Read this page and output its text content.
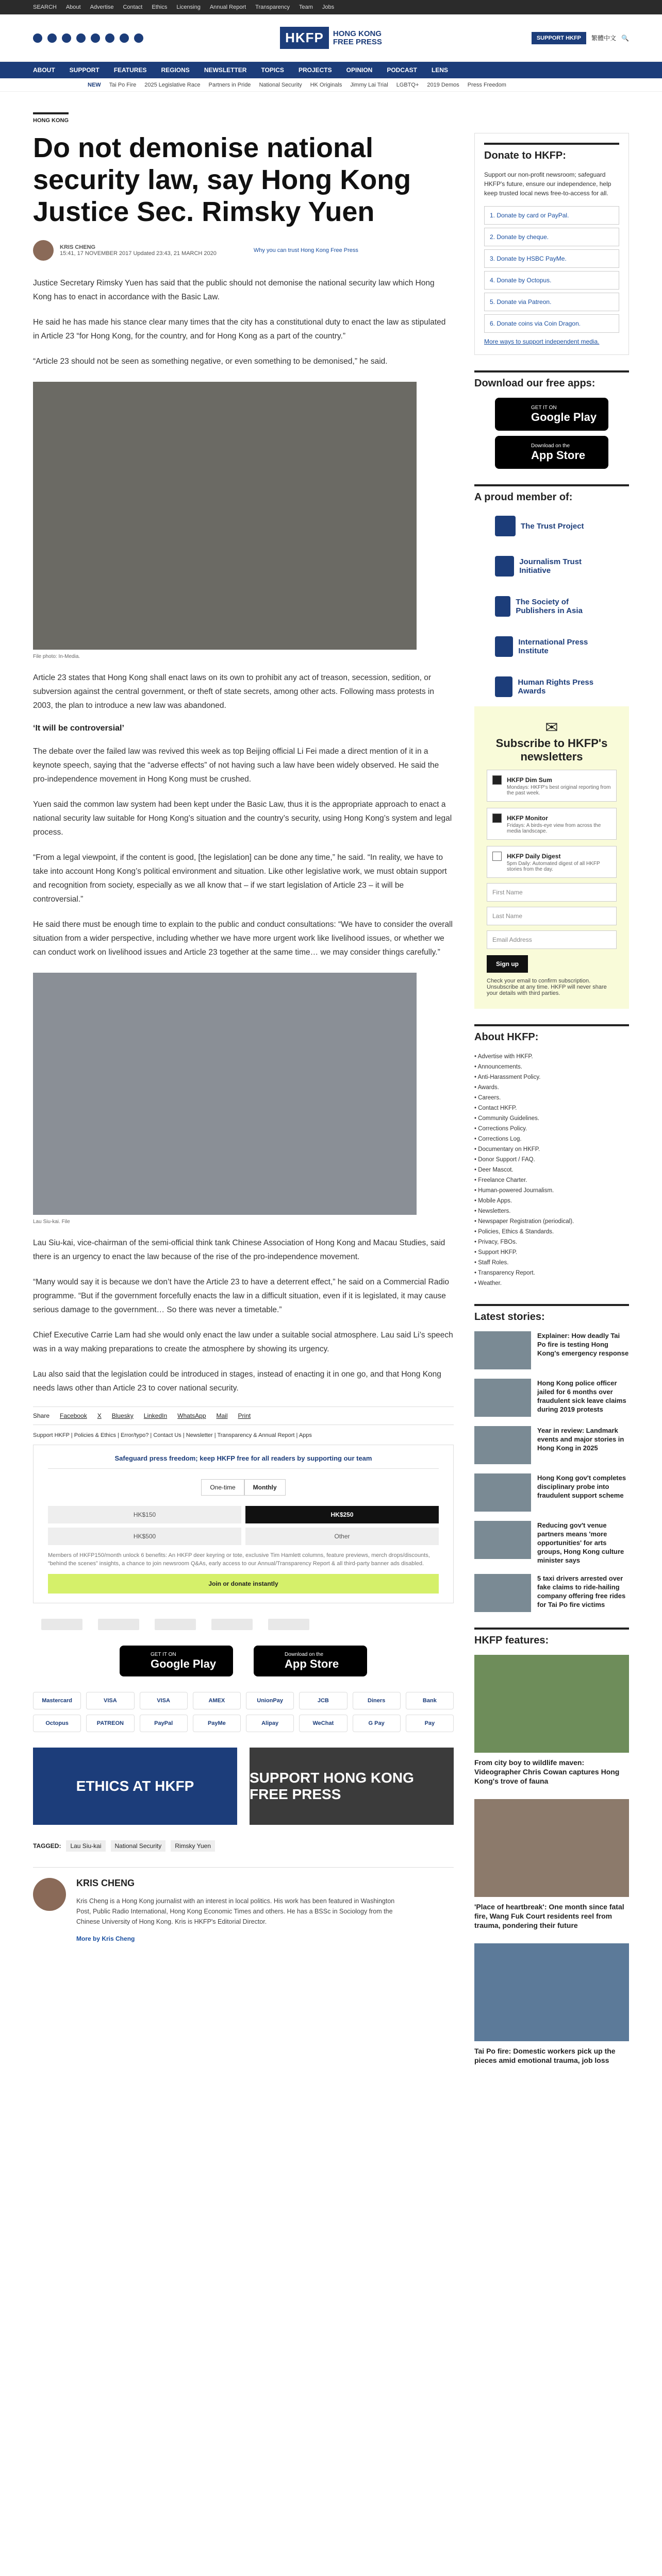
SEARCH About Advertise Contact Ethics Licensing Annual Report Transparency Team Jobs
HKFP	HONG KONG
FREE PRESS	SUPPORT HKFP	繁體中文 🔍
ABOUT SUPPORT FEATURES REGIONS NEWSLETTER TOPICS PROJECTS OPINION PODCAST LENS
NEW Tai Po Fire 2025 Legislative Race Partners in Pride National Security HK Originals Jimmy Lai Trial LGBTQ+ 2019 Demos Press Freedom
HONG KONG
Do not demonise national security law, say Hong Kong Justice Sec. Rimsky Yuen
KRIS CHENG
15:41, 17 NOVEMBER 2017 Updated 23:43, 21 MARCH 2020	Why you can trust Hong Kong Free Press

Justice Secretary Rimsky Yuen has said that the public should not demonise the national security law which Hong Kong has to enact in accordance with the Basic Law.

He said he has made his stance clear many times that the city has a constitutional duty to enact the law as stipulated in Article 23 “for Hong Kong, for the country, and for Hong Kong as a part of the country.”

“Article 23 should not be seen as something negative, or even something to be demonised,” he said.

File photo: In-Media.

Article 23 states that Hong Kong shall enact laws on its own to prohibit any act of treason, secession, sedition, or subversion against the central government, or theft of state secrets, among other acts. Following mass protests in 2003, the plan to introduce a new law was abandoned.

‘It will be controversial’

The debate over the failed law was revived this week as top Beijing official Li Fei made a direct mention of it in a keynote speech, saying that the “adverse effects” of not having such a law have been widely observed. He said the pro-independence movement in Hong Kong must be crushed.

Yuen said the common law system had been kept under the Basic Law, thus it is the appropriate approach to enact a national security law suitable for Hong Kong’s situation and the country’s security, using Hong Kong’s system and legal process.

“From a legal viewpoint, if the content is good, [the legislation] can be done any time,” he said. “In reality, we have to take into account Hong Kong’s political environment and situation. Like other legislative work, we must obtain support and recognition from society, especially as we all know that – if we start legislation of Article 23 – it will be controversial.”

He said there must be enough time to explain to the public and conduct consultations: “We have to consider the overall situation from a wider perspective, including whether we have more urgent work like livelihood issues, or whether we can conduct work on livelihood issues and Article 23 together at the same time… we may consider things carefully.”

Lau Siu-kai. File

Lau Siu-kai, vice-chairman of the semi-official think tank Chinese Association of Hong Kong and Macau Studies, said there is an urgency to enact the law because of the rise of the pro-independence movement.

“Many would say it is because we don’t have the Article 23 to have a deterrent effect,” he said on a Commercial Radio programme. “But if the government forcefully enacts the law in a difficult situation, even if it is legislated, it may cause serious damage to the government… So there was never a timetable.”

Chief Executive Carrie Lam had she would only enact the law under a suitable social atmosphere. Lau said Li’s speech was in a way making preparations to create the atmosphere by showing its urgency.

Lau also said that the legislation could be introduced in stages, instead of enacting it in one go, and that Hong Kong needs laws other than Article 23 to cover national security.

Share Facebook X Bluesky LinkedIn WhatsApp Mail Print
Support HKFP | Policies & Ethics | Error/typo? | Contact Us | Newsletter | Transparency & Annual Report | Apps
Safeguard press freedom; keep HKFP free for all readers by supporting our team
One-time	Monthly
HK$150	HK$250
HK$500	Other
Members of HKFP150/month unlock 6 benefits: An HKFP deer keyring or tote, exclusive Tim Hamlett columns, feature previews, merch drops/discounts, “behind the scenes” insights, a chance to join newsroom Q&As, early access to our Annual/Transparency Report & all third-party banner ads disabled.
Join or donate instantly
GET IT ON
Google Play
Download on the
App Store
Mastercard	VISA	VISA	AMEX	UnionPay	JCB	Diners	Bank
Octopus	PATREON	PayPal	PayMe	Alipay	WeChat	G Pay	Pay
ETHICS AT HKFP
SUPPORT HONG KONG FREE PRESS
TAGGED:	Lau Siu-kai	National Security	Rimsky Yuen
KRIS CHENG

Kris Cheng is a Hong Kong journalist with an interest in local politics. His work has been featured in Washington Post, Public Radio International, Hong Kong Economic Times and others. He has a BSSc in Sociology from the Chinese University of Hong Kong. Kris is HKFP's Editorial Director.

More by Kris Cheng
Donate to HKFP:
Support our non-profit newsroom; safeguard HKFP's future, ensure our independence, help keep trusted local news free-to-access for all.
1. Donate by card or PayPal.
2. Donate by cheque.
3. Donate by HSBC PayMe.
4. Donate by Octopus.
5. Donate via Patreon.
6. Donate coins via Coin Dragon.
More ways to support independent media.
Download our free apps:
GET IT ON
Google Play
Download on the
App Store
A proud member of:
The Trust Project
Journalism Trust Initiative
The Society of Publishers in Asia
International Press Institute
Human Rights Press Awards
✉
Subscribe to HKFP's newsletters
HKFP Dim Sum

Mondays: HKFP's best original reporting from the past week.

HKFP Monitor

Fridays: A birds-eye view from across the media landscape.

HKFP Daily Digest

5pm Daily: Automated digest of all HKFP stories from the day.

First Name
Last Name
Email Address
Sign up
Check your email to confirm subscription. Unsubscribe at any time. HKFP will never share your details with third parties.
About HKFP:
• Advertise with HKFP.
• Announcements.
• Anti-Harassment Policy.
• Awards.
• Careers.
• Contact HKFP.
• Community Guidelines.
• Corrections Policy.
• Corrections Log.
• Documentary on HKFP.
• Donor Support / FAQ.
• Deer Mascot.
• Freelance Charter.
• Human-powered Journalism.
• Mobile Apps.
• Newsletters.
• Newspaper Registration (periodical).
• Policies, Ethics & Standards.
• Privacy, FBOs.
• Support HKFP.
• Staff Roles.
• Transparency Report.
• Weather.
Latest stories:

Explainer: How deadly Tai Po fire is testing Hong Kong's emergency response

Hong Kong police officer jailed for 6 months over fraudulent sick leave claims during 2019 protests

Year in review: Landmark events and major stories in Hong Kong in 2025

Hong Kong gov't completes disciplinary probe into fraudulent support scheme

Reducing gov't venue partners means 'more opportunities' for arts groups, Hong Kong culture minister says

5 taxi drivers arrested over fake claims to ride-hailing company offering free rides for Tai Po fire victims

HKFP features:

From city boy to wildlife maven: Videographer Chris Cowan captures Hong Kong's trove of fauna

'Place of heartbreak': One month since fatal fire, Wang Fuk Court residents reel from trauma, pondering their future

Tai Po fire: Domestic workers pick up the pieces amid emotional trauma, job loss
